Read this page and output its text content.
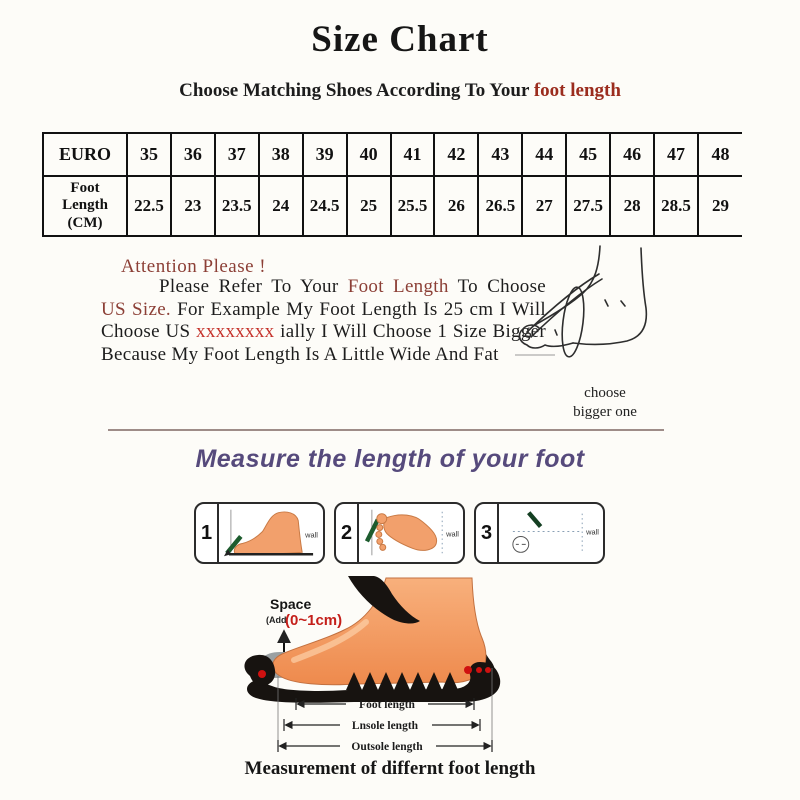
Size Chart
Choose Matching Shoes According To Your foot length
EURO	35	36	37	38	39	40	41	42	43	44	45	46	47	48
Foot Length (CM)	22.5	23	23.5	24	24.5	25	25.5	26	26.5	27	27.5	28	28.5	29
Attention Please !

Please Refer To Your Foot Length To Choose US Size. For Example My Foot Length Is 25 cm I Will Choose US xxxxxxxx ially I Will Choose 1 Size Bigger Because My Foot Length Is A Little Wide And Fat

choose
bigger one
Measure the length of your foot
1	wall 2	wall 3	wall
Space
(Add
(0~1cm)
Foot length
Lnsole length
Outsole length
Measurement of differnt foot length
